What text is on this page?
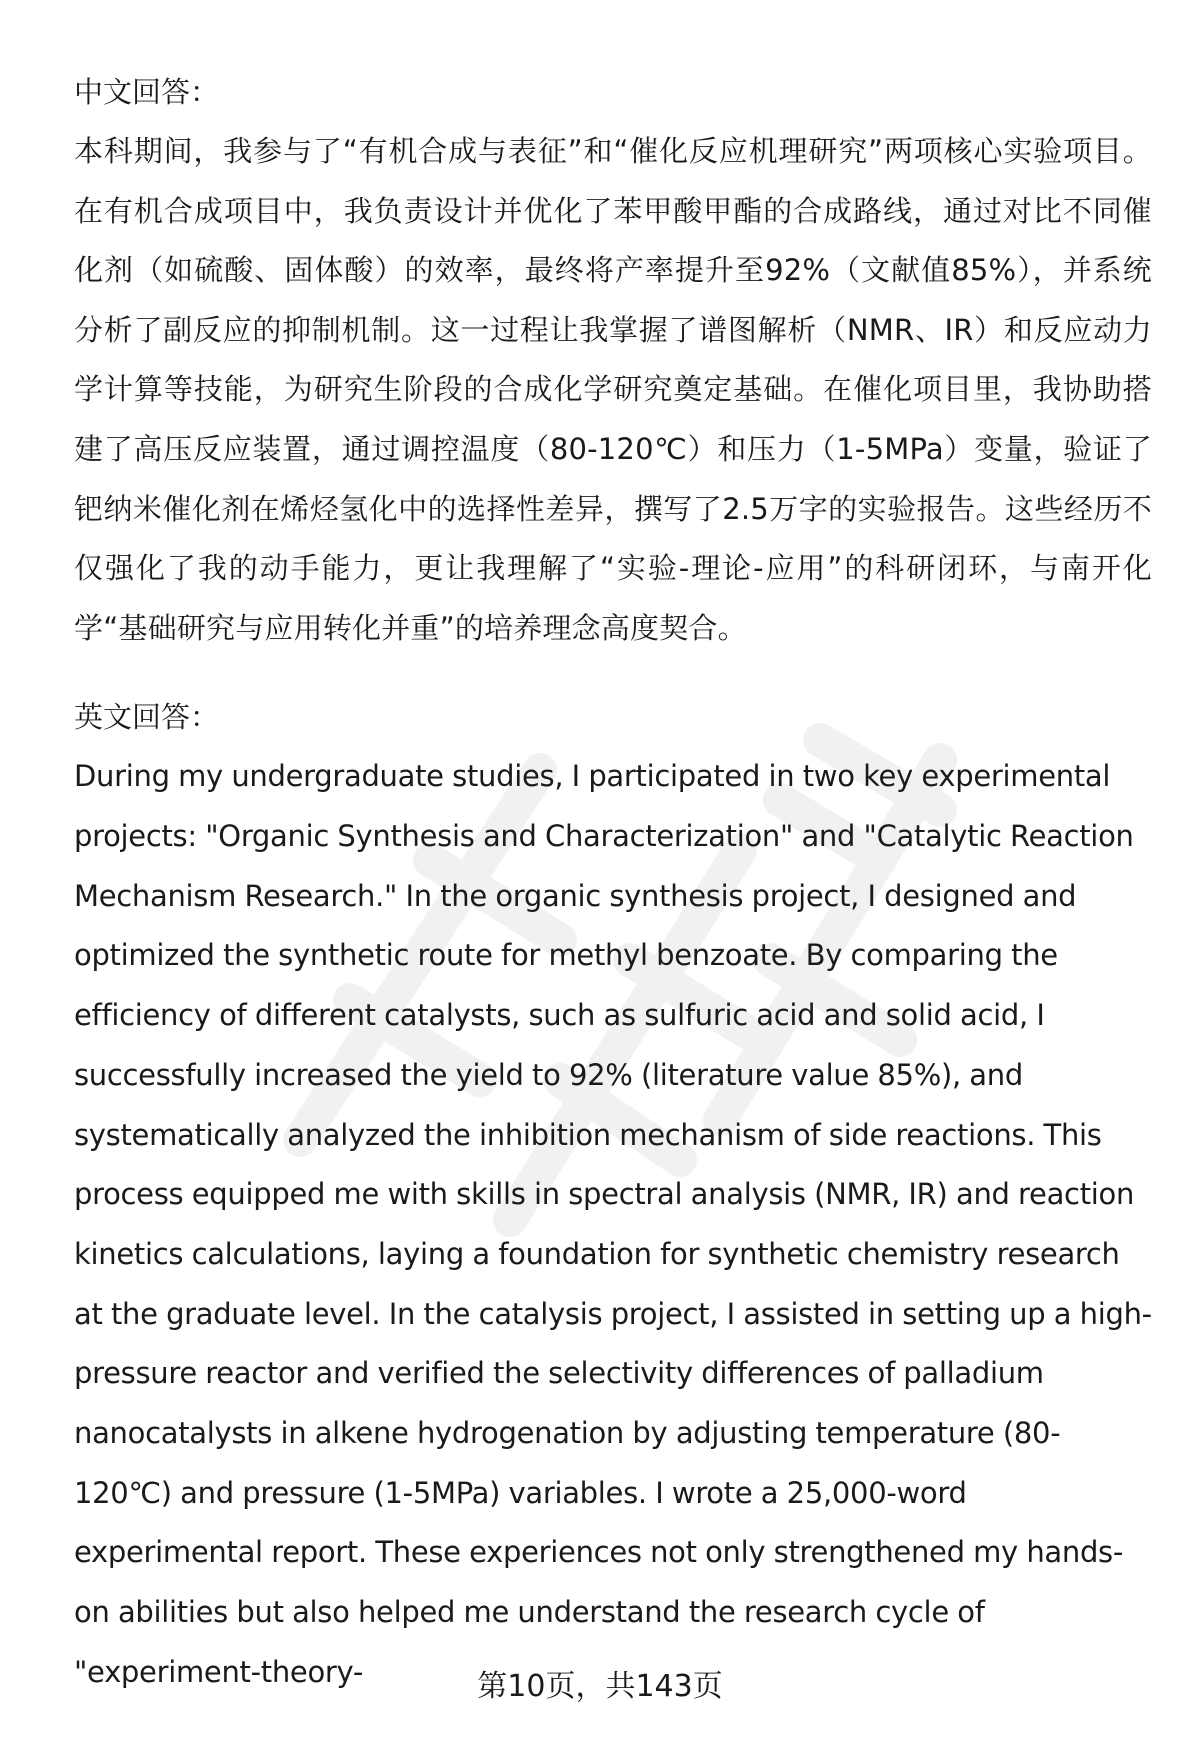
中文回答：

本科期间，我参与了“有机合成与表征”和“催化反应机理研究”两项核心实验项目。在有机合成项目中，我负责设计并优化了苯甲酸甲酯的合成路线，通过对比不同催化剂（如硫酸、固体酸）的效率，最终将产率提升至92%（文献值85%），并系统分析了副反应的抑制机制。这一过程让我掌握了谱图解析（NMR、IR）和反应动力学计算等技能，为研究生阶段的合成化学研究奠定基础。在催化项目里，我协助搭建了高压反应装置，通过调控温度（80-120℃）和压力（1-5MPa）变量，验证了钯纳米催化剂在烯烃氢化中的选择性差异，撰写了2.5万字的实验报告。这些经历不仅强化了我的动手能力，更让我理解了“实验-理论-应用”的科研闭环，与南开化学“基础研究与应用转化并重”的培养理念高度契合。

英文回答：

During my undergraduate studies, I participated in two key experimental projects: "Organic Synthesis and Characterization" and "Catalytic Reaction Mechanism Research." In the organic synthesis project, I designed and optimized the synthetic route for methyl benzoate. By comparing the efficiency of different catalysts, such as sulfuric acid and solid acid, I successfully increased the yield to 92% (literature value 85%), and systematically analyzed the inhibition mechanism of side reactions. This process equipped me with skills in spectral analysis (NMR, IR) and reaction kinetics calculations, laying a foundation for synthetic chemistry research at the graduate level. In the catalysis project, I assisted in setting up a high-pressure reactor and verified the selectivity differences of palladium nanocatalysts in alkene hydrogenation by adjusting temperature (80-120℃) and pressure (1-5MPa) variables. I wrote a 25,000-word experimental report. These experiences not only strengthened my hands-on abilities but also helped me understand the research cycle of "experiment-theory-	第10页，共143页
